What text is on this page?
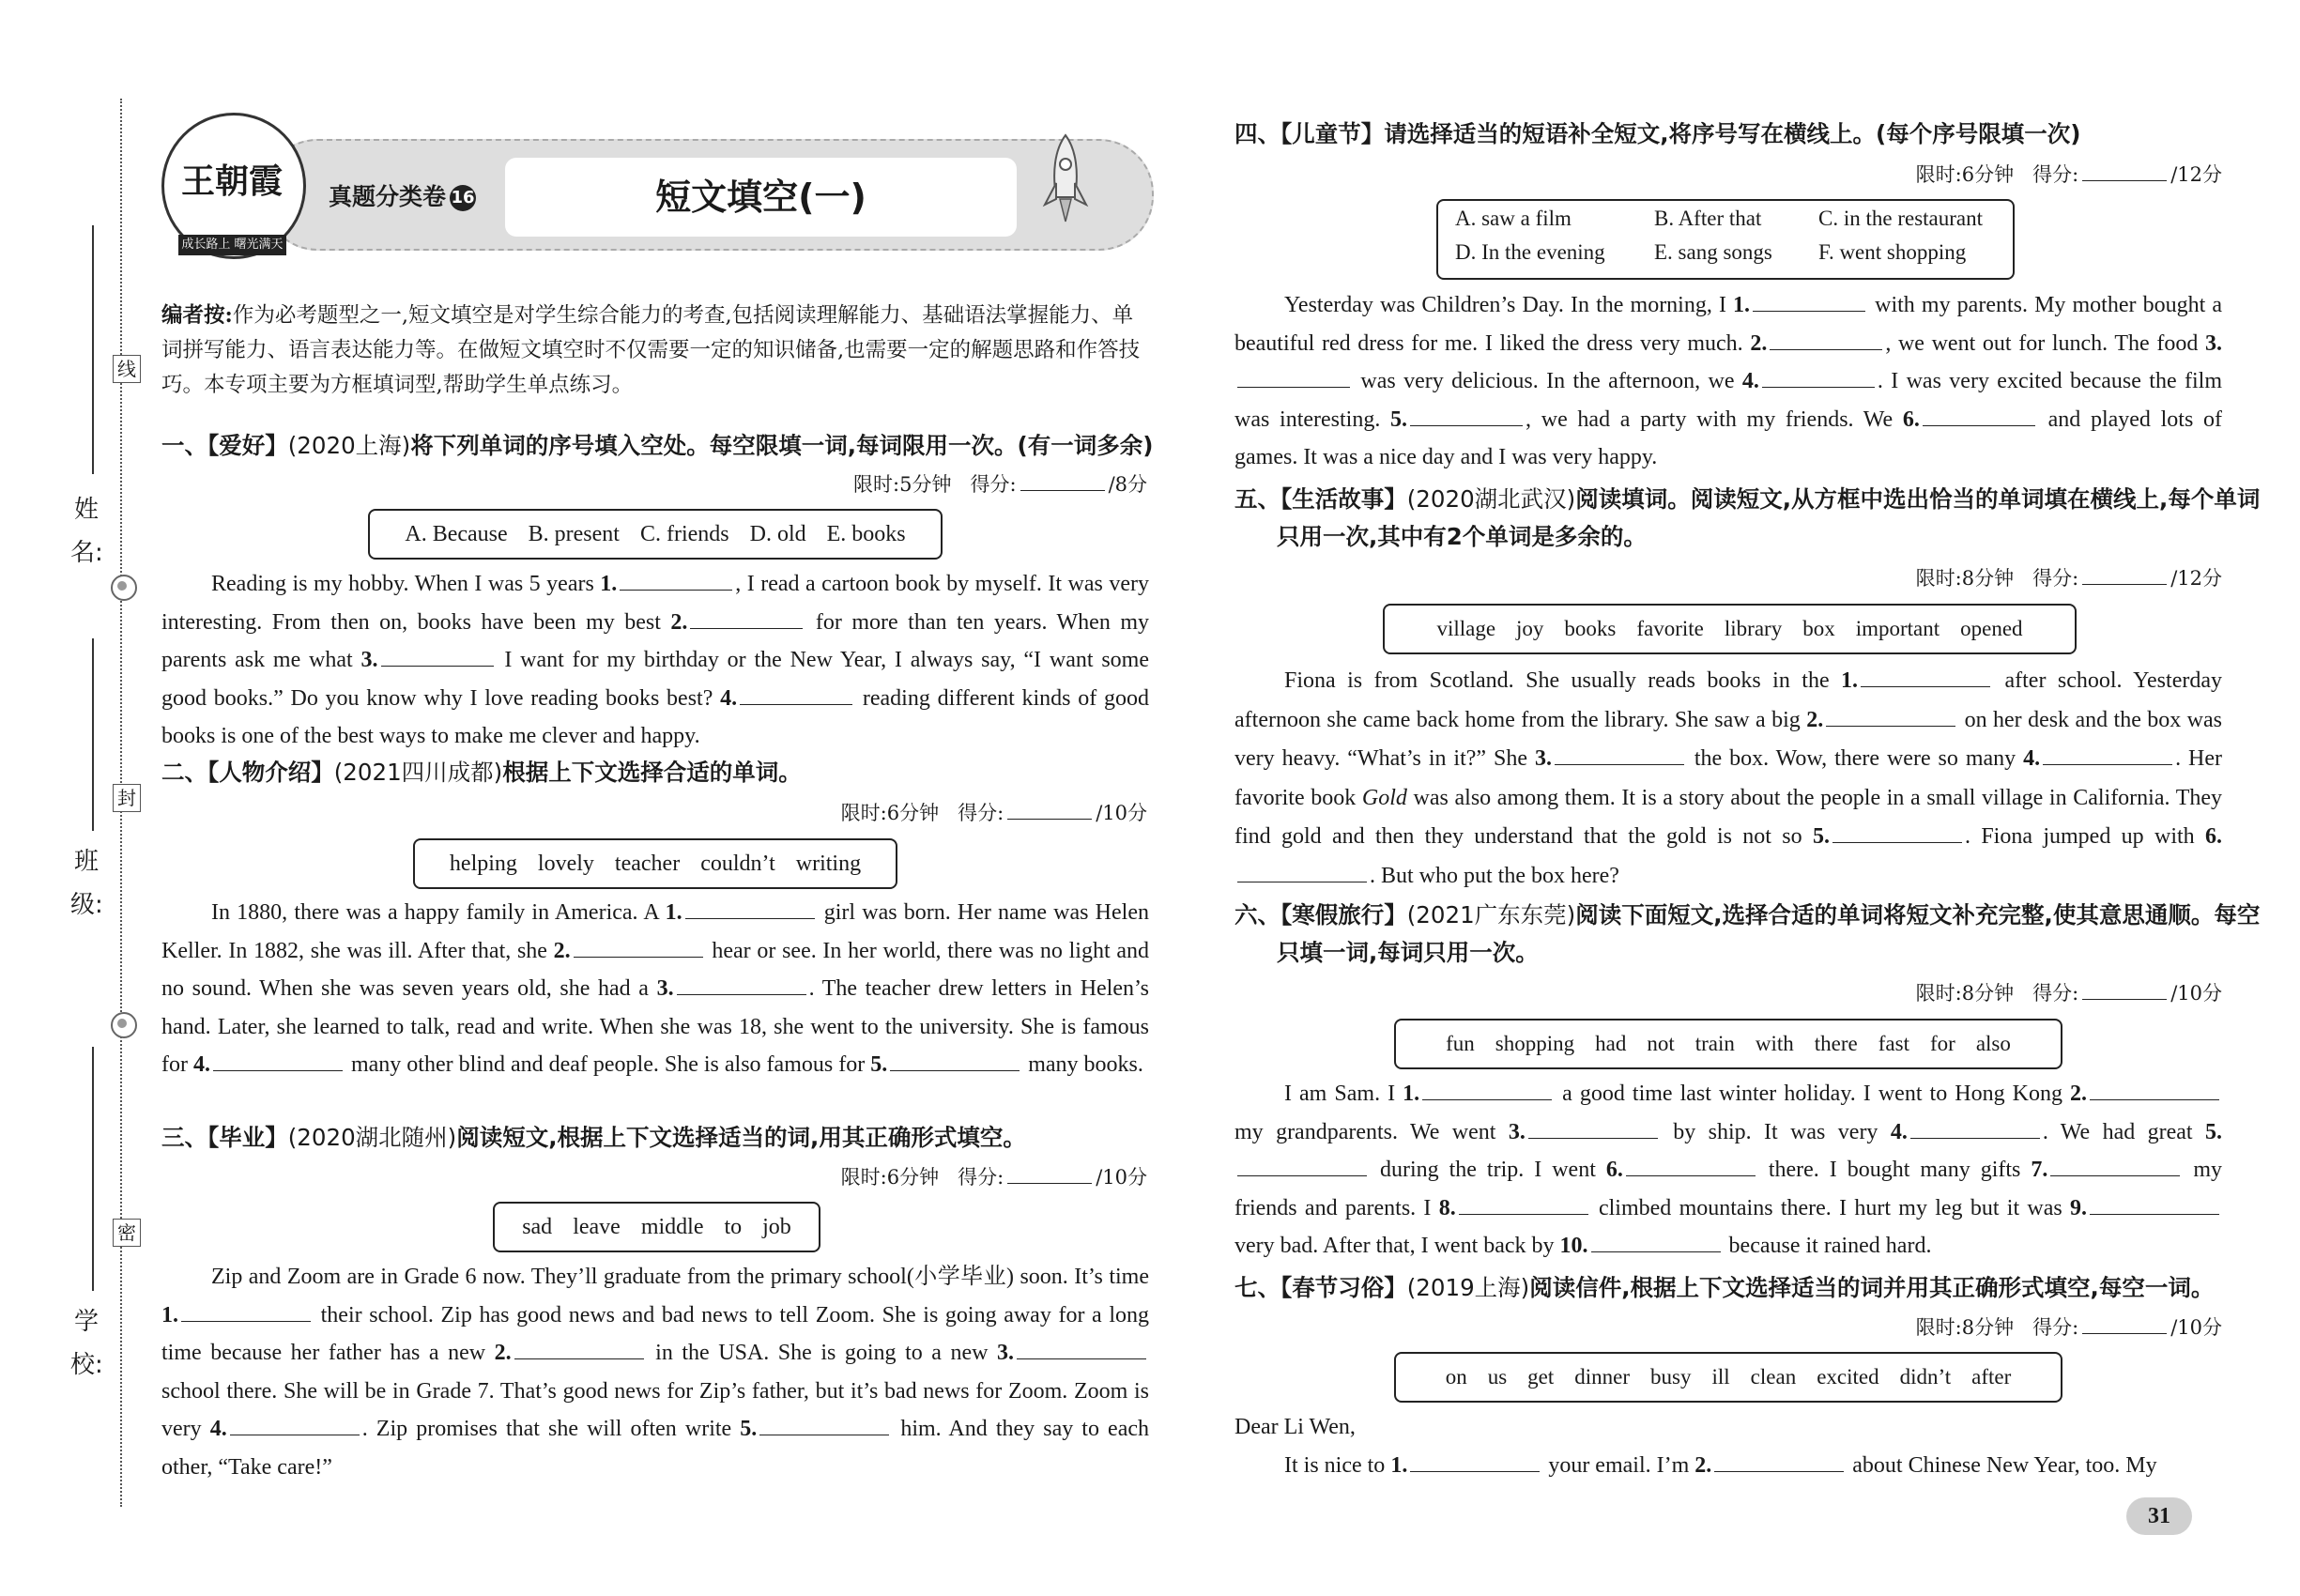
姓 名:
班 级:
学 校:
线
封
密
王朝霞
成长路上 曙光满天
真题分类卷 16	短文填空(一)
编者按:作为必考题型之一,短文填空是对学生综合能力的考查,包括阅读理解能力、基础语法掌握能力、单词拼写能力、语言表达能力等。在做短文填空时不仅需要一定的知识储备,也需要一定的解题思路和作答技巧。本专项主要为方框填词型,帮助学生单点练习。
一、【爱好】(2020上海)将下列单词的序号填入空处。每空限填一词,每词限用一次。(有一词多余)
限时:5分钟 得分:	/8分
A. Because B. present C. friends D. old E. books
Reading is my hobby. When I was 5 years 1.	, I read a cartoon book by myself. It was very interesting. From then on, books have been my best 2.	for more than ten years. When my parents ask me what 3.	I want for my birthday or the New Year, I always say, “I want some good books.” Do you know why I love reading books best? 4.	reading different kinds of good books is one of the best ways to make me clever and happy.
二、【人物介绍】(2021四川成都)根据上下文选择合适的单词。
限时:6分钟 得分:	/10分
helping lovely teacher couldn’t writing
In 1880, there was a happy family in America. A 1.	girl was born. Her name was Helen Keller. In 1882, she was ill. After that, she 2.	hear or see. In her world, there was no light and no sound. When she was seven years old, she had a 3.	. The teacher drew letters in Helen’s hand. Later, she learned to talk, read and write. When she was 18, she went to the university. She is famous for 4.	many other blind and deaf people. She is also famous for 5.	many books.
三、【毕业】(2020湖北随州)阅读短文,根据上下文选择适当的词,用其正确形式填空。
限时:6分钟 得分:	/10分
sad leave middle to job
Zip and Zoom are in Grade 6 now. They’ll graduate from the primary school(小学毕业) soon. It’s time 1.	their school. Zip has good news and bad news to tell Zoom. She is going away for a long time because her father has a new 2.	in the USA. She is going to a new 3. school there. She will be in Grade 7. That’s good news for Zip’s father, but it’s bad news for Zoom. Zoom is very 4.	. Zip promises that she will often write 5.	him. And they say to each other, “Take care!”
四、【儿童节】请选择适当的短语补全短文,将序号写在横线上。(每个序号限填一次)
限时:6分钟 得分:	/12分
A. saw a film	B. After that	C. in the restaurant
D. In the evening	E. sang songs	F. went shopping
Yesterday was Children’s Day. In the morning, I 1.	with my parents. My mother bought a beautiful red dress for me. I liked the dress very much. 2.	, we went out for lunch. The food 3. was very delicious. In the afternoon, we 4.	. I was very excited because the film was interesting. 5.	, we had a party with my friends. We 6.	and played lots of games. It was a nice day and I was very happy.
五、【生活故事】(2020湖北武汉)阅读填词。阅读短文,从方框中选出恰当的单词填在横线上,每个单词只用一次,其中有2个单词是多余的。
限时:8分钟 得分:	/12分
village joy books favorite library box important opened
Fiona is from Scotland. She usually reads books in the 1.	after school. Yesterday afternoon she came back home from the library. She saw a big 2.	on her desk and the box was very heavy. “What’s in it?” She 3.	the box. Wow, there were so many 4.	. Her favorite book Gold was also among them. It is a story about the people in a small village in California. They find gold and then they understand that the gold is not so 5.	. Fiona jumped up with 6.. But who put the box here?
六、【寒假旅行】(2021广东东莞)阅读下面短文,选择合适的单词将短文补充完整,使其意思通顺。每空只填一词,每词只用一次。
限时:8分钟 得分:	/10分
fun shopping had not train with there fast for also
I am Sam. I 1.	a good time last winter holiday. I went to Hong Kong 2. my grandparents. We went 3.	by ship. It was very 4.	. We had great 5. during the trip. I went 6.	there. I bought many gifts 7.	my friends and parents. I 8.	climbed mountains there. I hurt my leg but it was 9. very bad. After that, I went back by 10.	because it rained hard.
七、【春节习俗】(2019上海)阅读信件,根据上下文选择适当的词并用其正确形式填空,每空一词。
限时:8分钟 得分:	/10分
on us get dinner busy ill clean excited didn’t after
Dear Li Wen,
It is nice to 1.	your email. I’m 2.	about Chinese New Year, too. My
31
